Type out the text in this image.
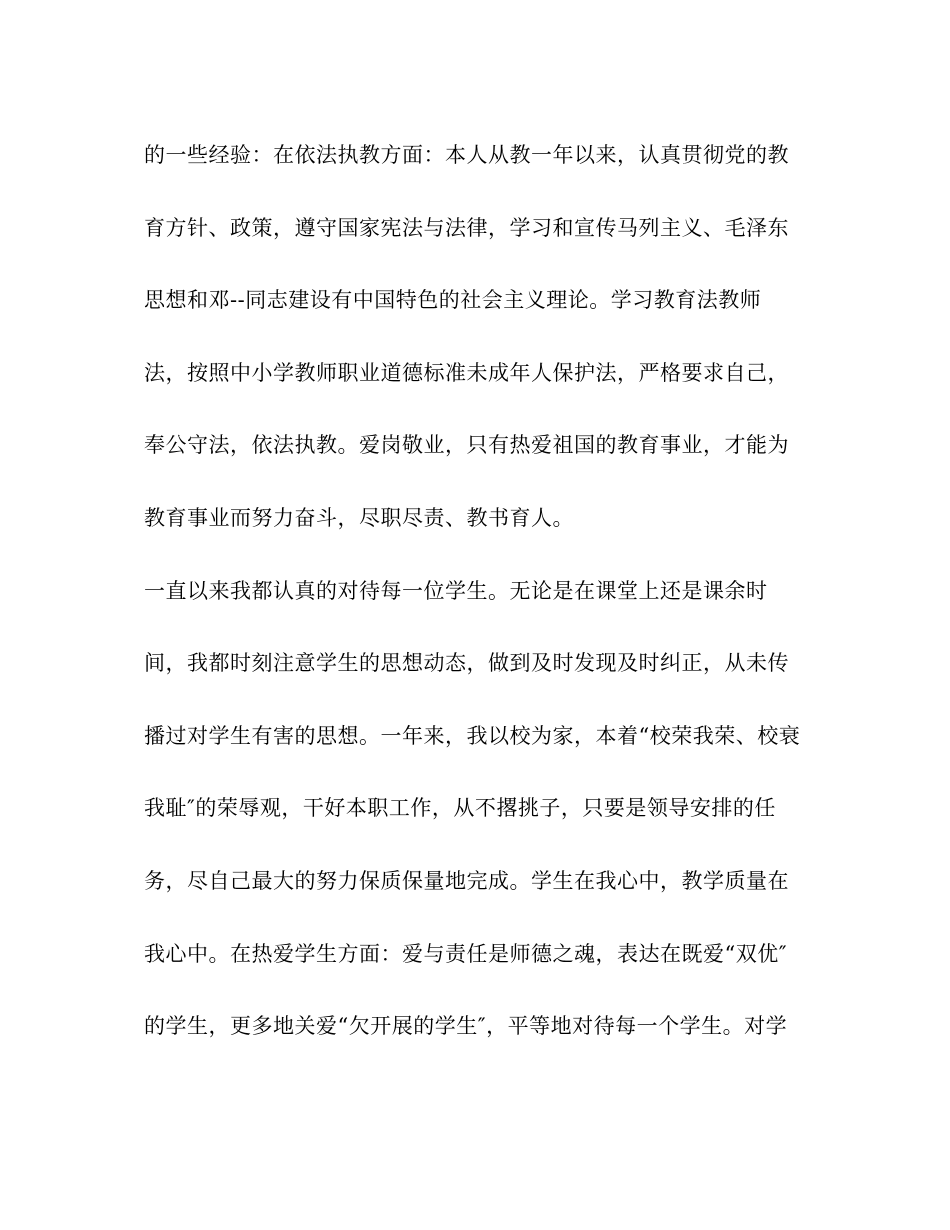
的一些经验：在依法执教方面：本人从教一年以来，认真贯彻党的教
育方针、政策，遵守国家宪法与法律，学习和宣传马列主义、毛泽东
思想和邓--同志建设有中国特色的社会主义理论。学习教育法教师
法，按照中小学教师职业道德标准未成年人保护法，严格要求自己，
奉公守法，依法执教。爱岗敬业，只有热爱祖国的教育事业，才能为
教育事业而努力奋斗，尽职尽责、教书育人。
一直以来我都认真的对待每一位学生。无论是在课堂上还是课余时
间，我都时刻注意学生的思想动态，做到及时发现及时纠正，从未传
播过对学生有害的思想。一年来，我以校为家，本着“校荣我荣、校衰
我耻″的荣辱观，干好本职工作，从不撂挑子，只要是领导安排的任
务，尽自己最大的努力保质保量地完成。学生在我心中，教学质量在
我心中。在热爱学生方面：爱与责任是师德之魂，表达在既爱“双优″
的学生，更多地关爱“欠开展的学生″，平等地对待每一个学生。对学
